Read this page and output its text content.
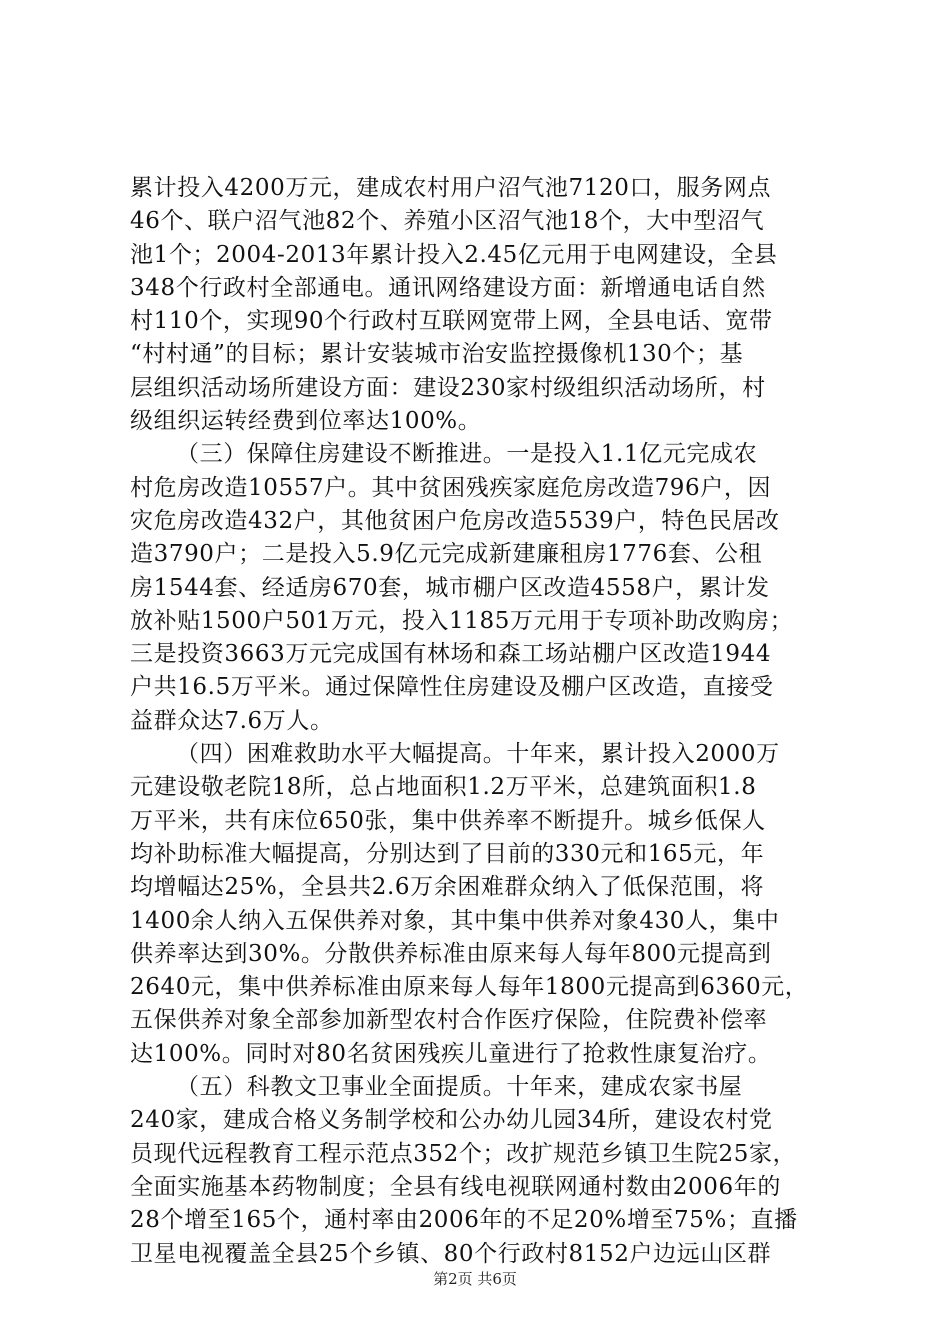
累计投入4200万元，建成农村用户沼气池7120口，服务网点
46个、联户沼气池82个、养殖小区沼气池18个，大中型沼气
池1个；2004-2013年累计投入2.45亿元用于电网建设，全县
348个行政村全部通电。通讯网络建设方面：新增通电话自然
村110个，实现90个行政村互联网宽带上网，全县电话、宽带
“村村通”的目标；累计安装城市治安监控摄像机130个；基
层组织活动场所建设方面：建设230家村级组织活动场所，村
级组织运转经费到位率达100%。
（三）保障住房建设不断推进。一是投入1.1亿元完成农
村危房改造10557户。其中贫困残疾家庭危房改造796户，因
灾危房改造432户，其他贫困户危房改造5539户，特色民居改
造3790户；二是投入5.9亿元完成新建廉租房1776套、公租
房1544套、经适房670套，城市棚户区改造4558户，累计发
放补贴1500户501万元，投入1185万元用于专项补助改购房；
三是投资3663万元完成国有林场和森工场站棚户区改造1944
户共16.5万平米。通过保障性住房建设及棚户区改造，直接受
益群众达7.6万人。
（四）困难救助水平大幅提高。十年来，累计投入2000万
元建设敬老院18所，总占地面积1.2万平米，总建筑面积1.8
万平米，共有床位650张，集中供养率不断提升。城乡低保人
均补助标准大幅提高，分别达到了目前的330元和165元，年
均增幅达25%，全县共2.6万余困难群众纳入了低保范围，将
1400余人纳入五保供养对象，其中集中供养对象430人，集中
供养率达到30%。分散供养标准由原来每人每年800元提高到
2640元，集中供养标准由原来每人每年1800元提高到6360元，
五保供养对象全部参加新型农村合作医疗保险，住院费补偿率
达100%。同时对80名贫困残疾儿童进行了抢救性康复治疗。
（五）科教文卫事业全面提质。十年来，建成农家书屋
240家，建成合格义务制学校和公办幼儿园34所，建设农村党
员现代远程教育工程示范点352个；改扩规范乡镇卫生院25家，
全面实施基本药物制度；全县有线电视联网通村数由2006年的
28个增至165个，通村率由2006年的不足20%增至75%；直播
卫星电视覆盖全县25个乡镇、80个行政村8152户边远山区群
第2页 共6页
